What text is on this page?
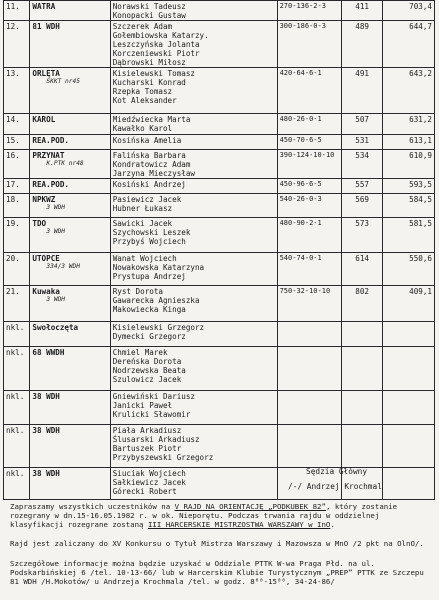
11.	WATRA	Norawski Tadeusz
Konopacki Gustaw	270-136-2-3	411	703,4
12.	81 WDH	Szczerek Adam
Gołembiowska Katarzy.
Leszczyńska Jolanta
Korczeniewski Piotr
Dąbrowski Miłosz	300-186-0-3	489	644,7
13.	ORLĘTA
SKKT nr45	Kisielewski Tomasz
Kucharski Konrad
Rzepka Tomasz
Kot Aleksander	420-64-6-1	491	643,2
14.	KAROL	Miedźwiecka Marta
Kawałko Karol	480-26-0-1	507	631,2
15.	REA.POD.	Kosińska Amelia	450-70-6-5	531	613,1
16.	PRZYNAT
K.PTK nr48	Falińska Barbara
Kondratowicz Adam
Jarzyna Mieczysław	390-124-10-10	534	610,9
17.	REA.POD.	Kosiński Andrzej	450-96-6-5	557	593,5
18.	NPKWZ
3 WDH	Pasiewicz Jacek
Hubner Łukasz	540-26-0-3	569	584,5
19.	TDO
3 WDH	Sawicki Jacek
Szychowski Leszek
Przybyś Wojciech	480-90-2-1	573	581,5
20.	UTOPCE
334/3 WDH	Wanat Wojciech
Nowakowska Katarzyna
Prystupa Andrzej	540-74-0-1	614	550,6
21.	Kuwaka
3 WDH	Ryst Dorota
Gawarecka Agnieszka
Makowiecka Kinga	750-32-10-10	802	409,1
nkl.	Swołoczęta	Kisielewski Grzegorz
Dymecki Grzegorz			

nkl.	68 WWDH	Chmiel Marek
Dereńska Dorota
Nodrzewska Beata
Szulowicz Jacek			

nkl.	38 WDH	Gniewiński Dariusz
Janicki Paweł
Krulicki Sławomir			

nkl.	38 WDH	Piała Arkadiusz
Ślusarski Arkadiusz
Bartuszek Piotr
Przybyszewski Grzegorz			

nkl.	38 WDH	Siuciak Wojciech
Sałkiewicz Jacek
Górecki Robert			

Sędzia Główny
/-/ Andrzej Krochmal
Zapraszamy wszystkich uczestników na V RAJD NA ORIENTACJĘ „PODKUBEK 82”, który zostanie rozegrany w dn.15-16.05.1982 r. w ok. Nieporętu. Podczas trwania rajdu w oddzielnej klasyfikacji rozegrane zostaną III HARCERSKIE MISTRZOSTWA WARSZAWY w InO.
Rajd jest zaliczany do XV Konkursu o Tytuł Mistrza Warszawy i Mazowsza w MnO /2 pkt na OlnO/.
Szczegółowe informacje można będzie uzyskać w Oddziale PTTK W-wa Praga Płd. na ul. Podskarbińskiej 6 /tel. 10-13-66/ lub w Harcerskim Klubie Turystycznym „PREP” PTTK ze Szczepu 81 WDH /H.Mokotów/ u Andrzeja Krochmala /tel. w godz. 8⁰⁰-15⁰⁰, 34-24-86/
